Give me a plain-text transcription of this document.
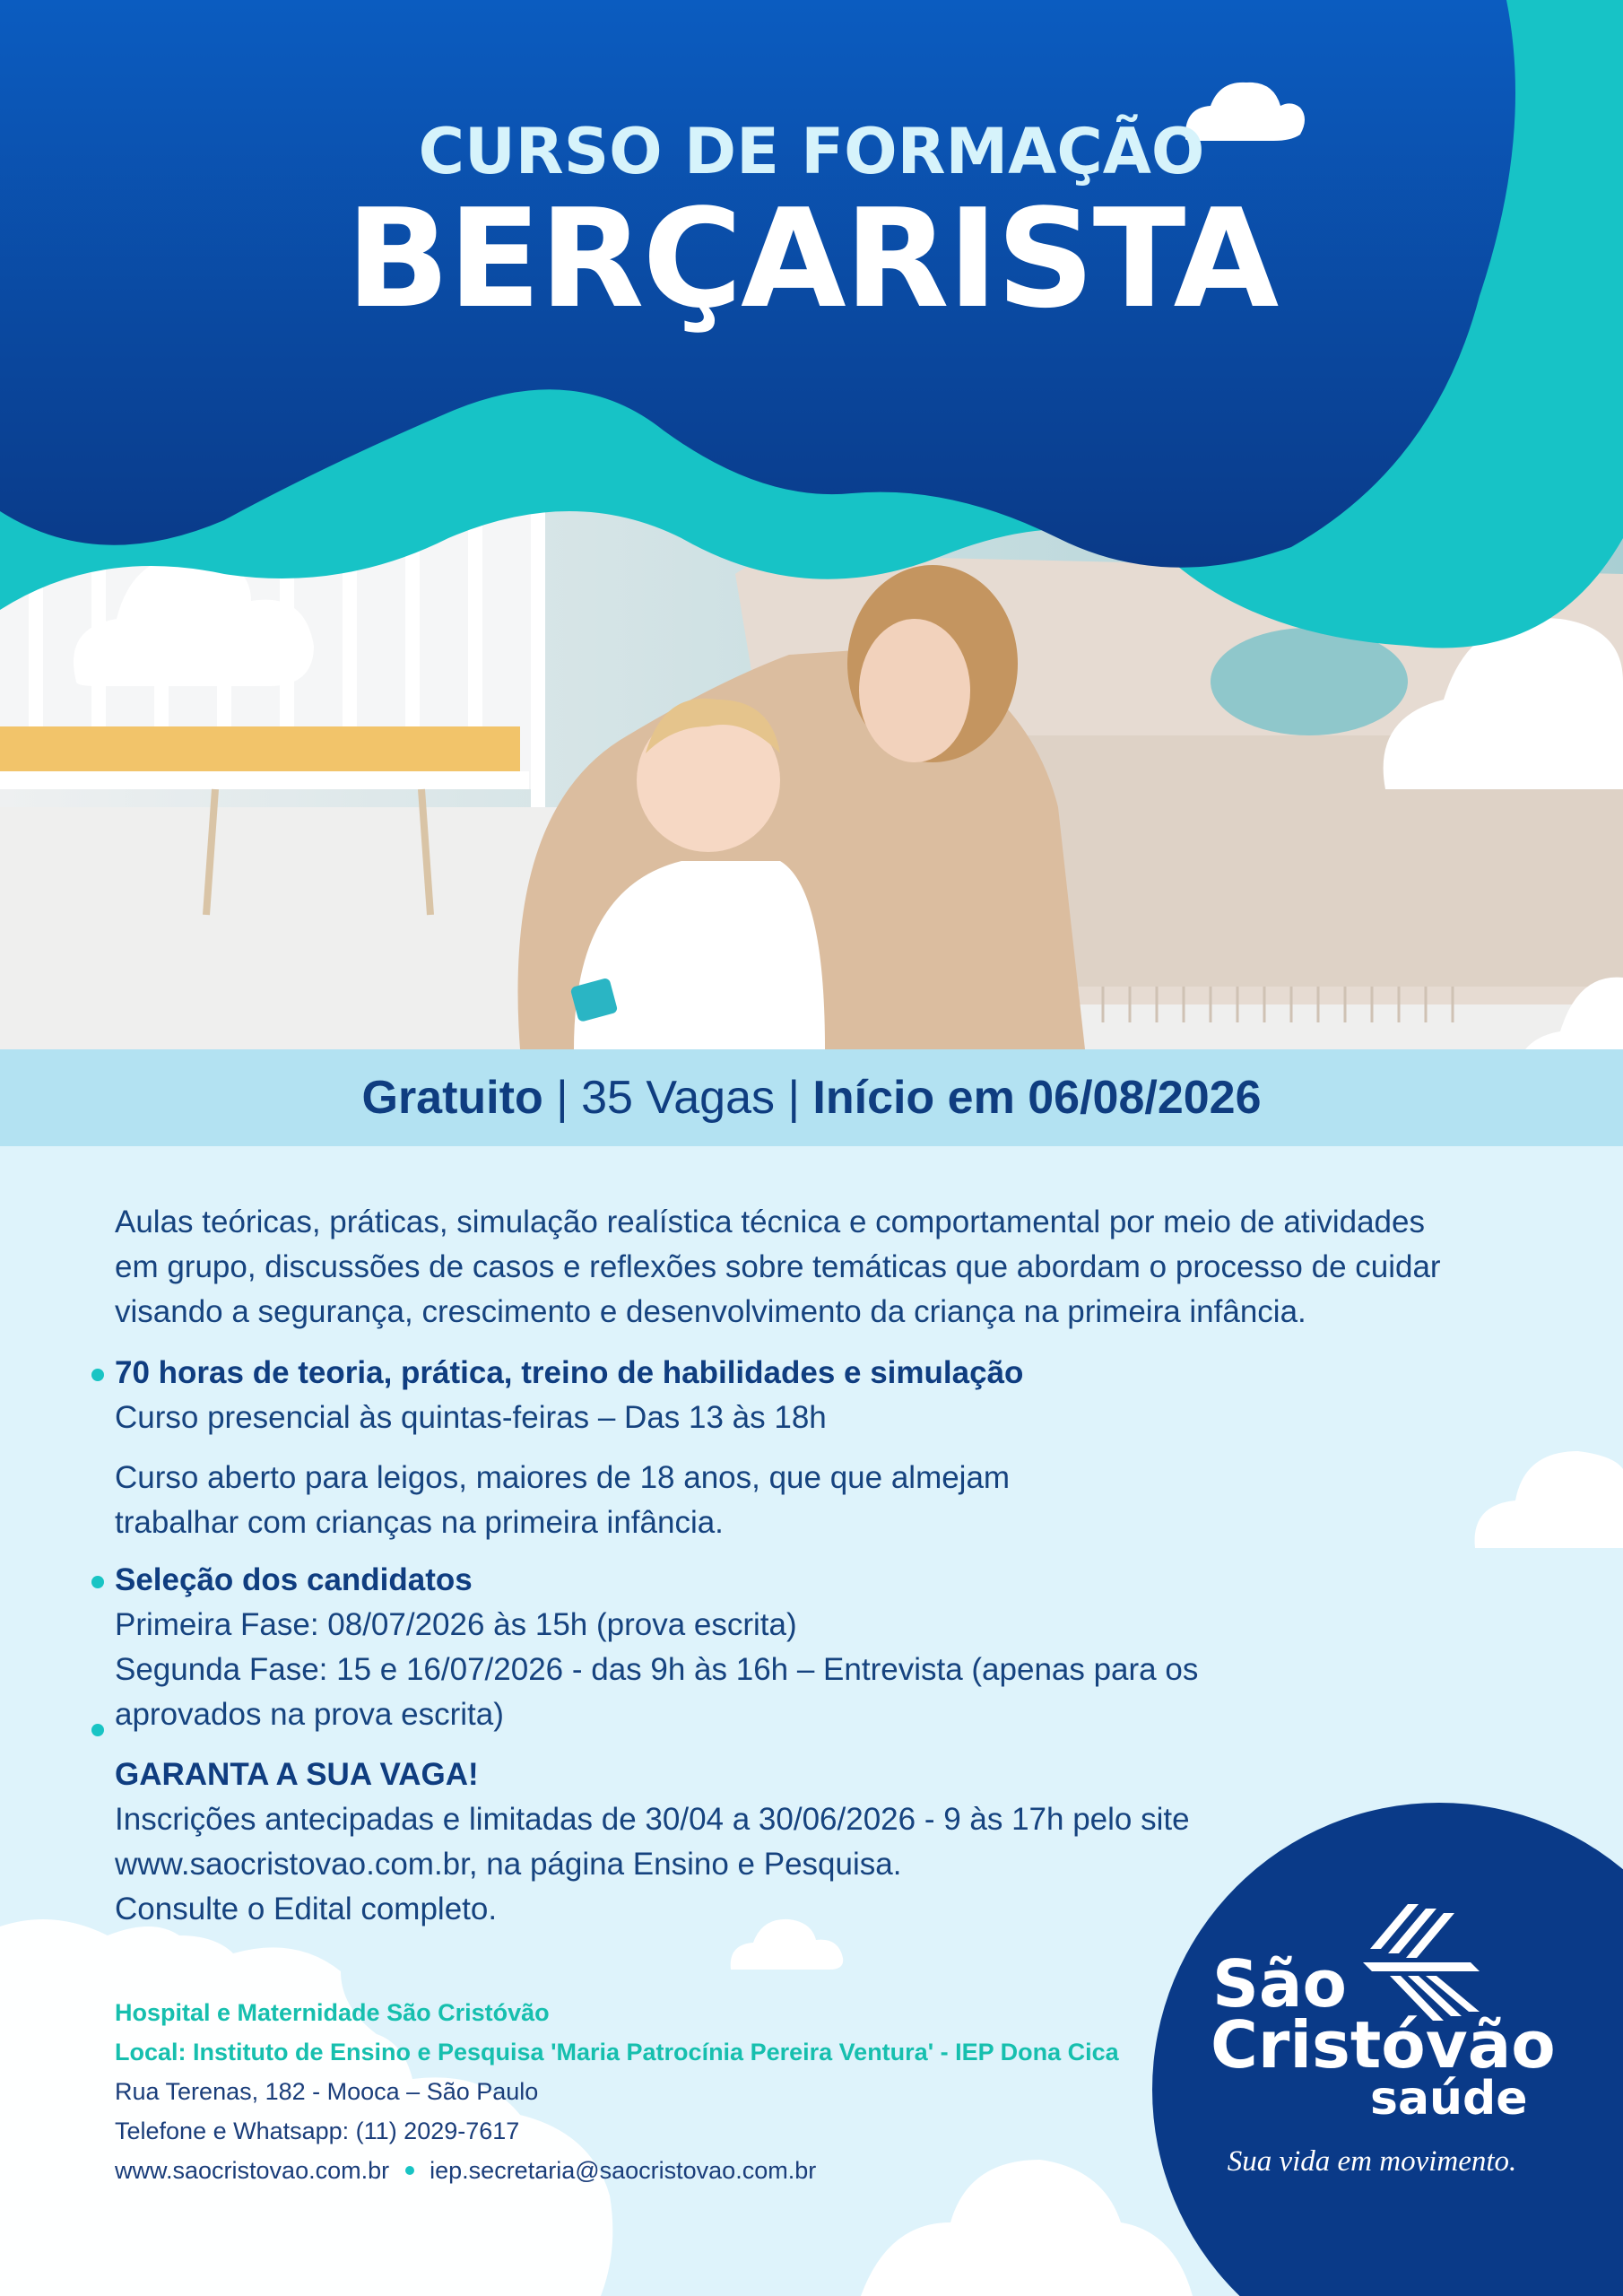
CURSO DE FORMAÇÃO
BERÇARISTA
Gratuito | 35 Vagas | Início em 06/08/2026
Aulas teóricas, práticas, simulação realística técnica e comportamental por meio de atividades
em grupo, discussões de casos e reflexões sobre temáticas que abordam o processo de cuidar
visando a segurança, crescimento e desenvolvimento da criança na primeira infância.
70 horas de teoria, prática, treino de habilidades e simulação
Curso presencial às quintas-feiras – Das 13 às 18h
Curso aberto para leigos, maiores de 18 anos, que que almejam
trabalhar com crianças na primeira infância.
Seleção dos candidatos
Primeira Fase: 08/07/2026 às 15h (prova escrita)
Segunda Fase: 15 e 16/07/2026 - das 9h às 16h – Entrevista (apenas para os
aprovados na prova escrita)
GARANTA A SUA VAGA!
Inscrições antecipadas e limitadas de 30/04 a 30/06/2026 - 9 às 17h pelo site
www.saocristovao.com.br, na página Ensino e Pesquisa.
Consulte o Edital completo.
Hospital e Maternidade São Cristóvão
Local: Instituto de Ensino e Pesquisa 'Maria Patrocínia Pereira Ventura' - IEP Dona Cica
Rua Terenas, 182 - Mooca – São Paulo
Telefone e Whatsapp: (11) 2029-7617
www.saocristovao.com.br iep.secretaria@saocristovao.com.br
São
Cristóvão
saúde
Sua vida em movimento.
